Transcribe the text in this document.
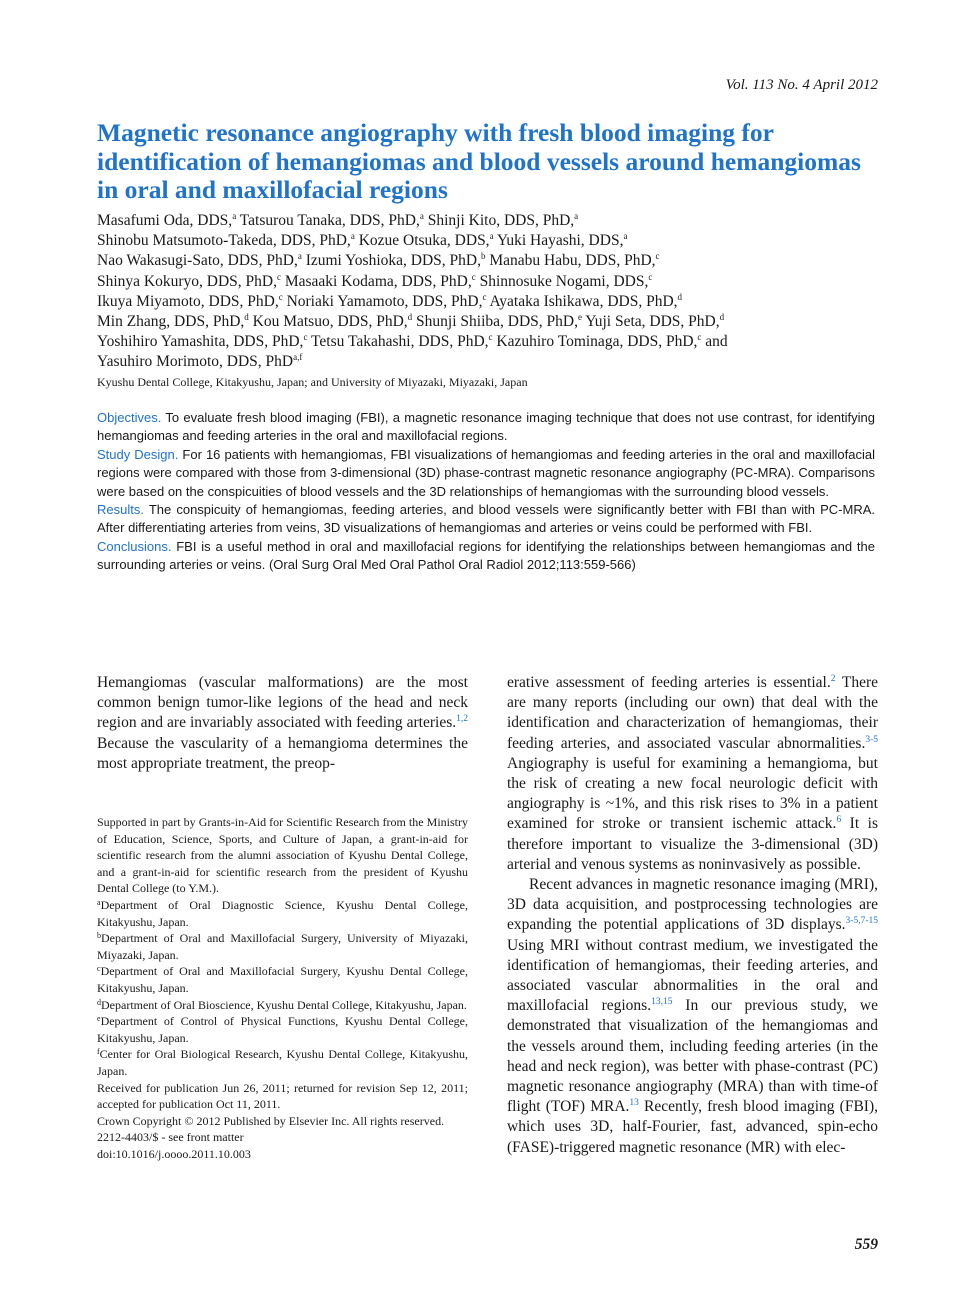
Vol. 113 No. 4 April 2012
Magnetic resonance angiography with fresh blood imaging for identification of hemangiomas and blood vessels around hemangiomas in oral and maxillofacial regions
Masafumi Oda, DDS,$^a$ Tatsurou Tanaka, DDS, PhD,$^a$ Shinji Kito, DDS, PhD,$^a$
Shinobu Matsumoto-Takeda, DDS, PhD,$^a$ Kozue Otsuka, DDS,$^a$ Yuki Hayashi, DDS,$^a$
Nao Wakasugi-Sato, DDS, PhD,$^a$ Izumi Yoshioka, DDS, PhD,$^b$ Manabu Habu, DDS, PhD,$^c$
Shinya Kokuryo, DDS, PhD,$^c$ Masaaki Kodama, DDS, PhD,$^c$ Shinnosuke Nogami, DDS,$^c$
Ikuya Miyamoto, DDS, PhD,$^c$ Noriaki Yamamoto, DDS, PhD,$^c$ Ayataka Ishikawa, DDS, PhD,$^d$
Min Zhang, DDS, PhD,$^d$ Kou Matsuo, DDS, PhD,$^d$ Shunji Shiiba, DDS, PhD,$^e$ Yuji Seta, DDS, PhD,$^d$
Yoshihiro Yamashita, DDS, PhD,$^c$ Tetsu Takahashi, DDS, PhD,$^c$ Kazuhiro Tominaga, DDS, PhD,$^c$ and
Yasuhiro Morimoto, DDS, PhD$^{a,f}$
Kyushu Dental College, Kitakyushu, Japan; and University of Miyazaki, Miyazaki, Japan

Objectives. To evaluate fresh blood imaging (FBI), a magnetic resonance imaging technique that does not use contrast, for identifying hemangiomas and feeding arteries in the oral and maxillofacial regions.

Study Design. For 16 patients with hemangiomas, FBI visualizations of hemangiomas and feeding arteries in the oral and maxillofacial regions were compared with those from 3-dimensional (3D) phase-contrast magnetic resonance angiography (PC-MRA). Comparisons were based on the conspicuities of blood vessels and the 3D relationships of hemangiomas with the surrounding blood vessels.

Results. The conspicuity of hemangiomas, feeding arteries, and blood vessels were significantly better with FBI than with PC-MRA. After differentiating arteries from veins, 3D visualizations of hemangiomas and arteries or veins could be performed with FBI.

Conclusions. FBI is a useful method in oral and maxillofacial regions for identifying the relationships between hemangiomas and the surrounding arteries or veins. (Oral Surg Oral Med Oral Pathol Oral Radiol 2012;113:559-566)

Hemangiomas (vascular malformations) are the most common benign tumor-like legions of the head and neck region and are invariably associated with feeding arteries.$^{1,2}$ Because the vascularity of a hemangioma determines the most appropriate treatment, the preop-

Supported in part by Grants-in-Aid for Scientific Research from the Ministry of Education, Science, Sports, and Culture of Japan, a grant-in-aid for scientific research from the alumni association of Kyushu Dental College, and a grant-in-aid for scientific research from the president of Kyushu Dental College (to Y.M.).

$^a$Department of Oral Diagnostic Science, Kyushu Dental College, Kitakyushu, Japan.

$^b$Department of Oral and Maxillofacial Surgery, University of Miyazaki, Miyazaki, Japan.

$^c$Department of Oral and Maxillofacial Surgery, Kyushu Dental College, Kitakyushu, Japan.

$^d$Department of Oral Bioscience, Kyushu Dental College, Kitakyushu, Japan.

$^e$Department of Control of Physical Functions, Kyushu Dental College, Kitakyushu, Japan.

$^f$Center for Oral Biological Research, Kyushu Dental College, Kitakyushu, Japan.

Received for publication Jun 26, 2011; returned for revision Sep 12, 2011; accepted for publication Oct 11, 2011.

Crown Copyright © 2012 Published by Elsevier Inc. All rights reserved.

2212-4403/$ - see front matter

doi:10.1016/j.oooo.2011.10.003

erative assessment of feeding arteries is essential.$^2$ There are many reports (including our own) that deal with the identification and characterization of hemangiomas, their feeding arteries, and associated vascular abnormalities.$^{3-5}$ Angiography is useful for examining a hemangioma, but the risk of creating a new focal neurologic deficit with angiography is ~1%, and this risk rises to 3% in a patient examined for stroke or transient ischemic attack.$^6$ It is therefore important to visualize the 3-dimensional (3D) arterial and venous systems as noninvasively as possible.

Recent advances in magnetic resonance imaging (MRI), 3D data acquisition, and postprocessing technologies are expanding the potential applications of 3D displays.$^{3-5,7-15}$ Using MRI without contrast medium, we investigated the identification of hemangiomas, their feeding arteries, and associated vascular abnormalities in the oral and maxillofacial regions.$^{13,15}$ In our previous study, we demonstrated that visualization of the hemangiomas and the vessels around them, including feeding arteries (in the head and neck region), was better with phase-contrast (PC) magnetic resonance angiography (MRA) than with time-of flight (TOF) MRA.$^{13}$ Recently, fresh blood imaging (FBI), which uses 3D, half-Fourier, fast, advanced, spin-echo (FASE)-triggered magnetic resonance (MR) with elec-

559
